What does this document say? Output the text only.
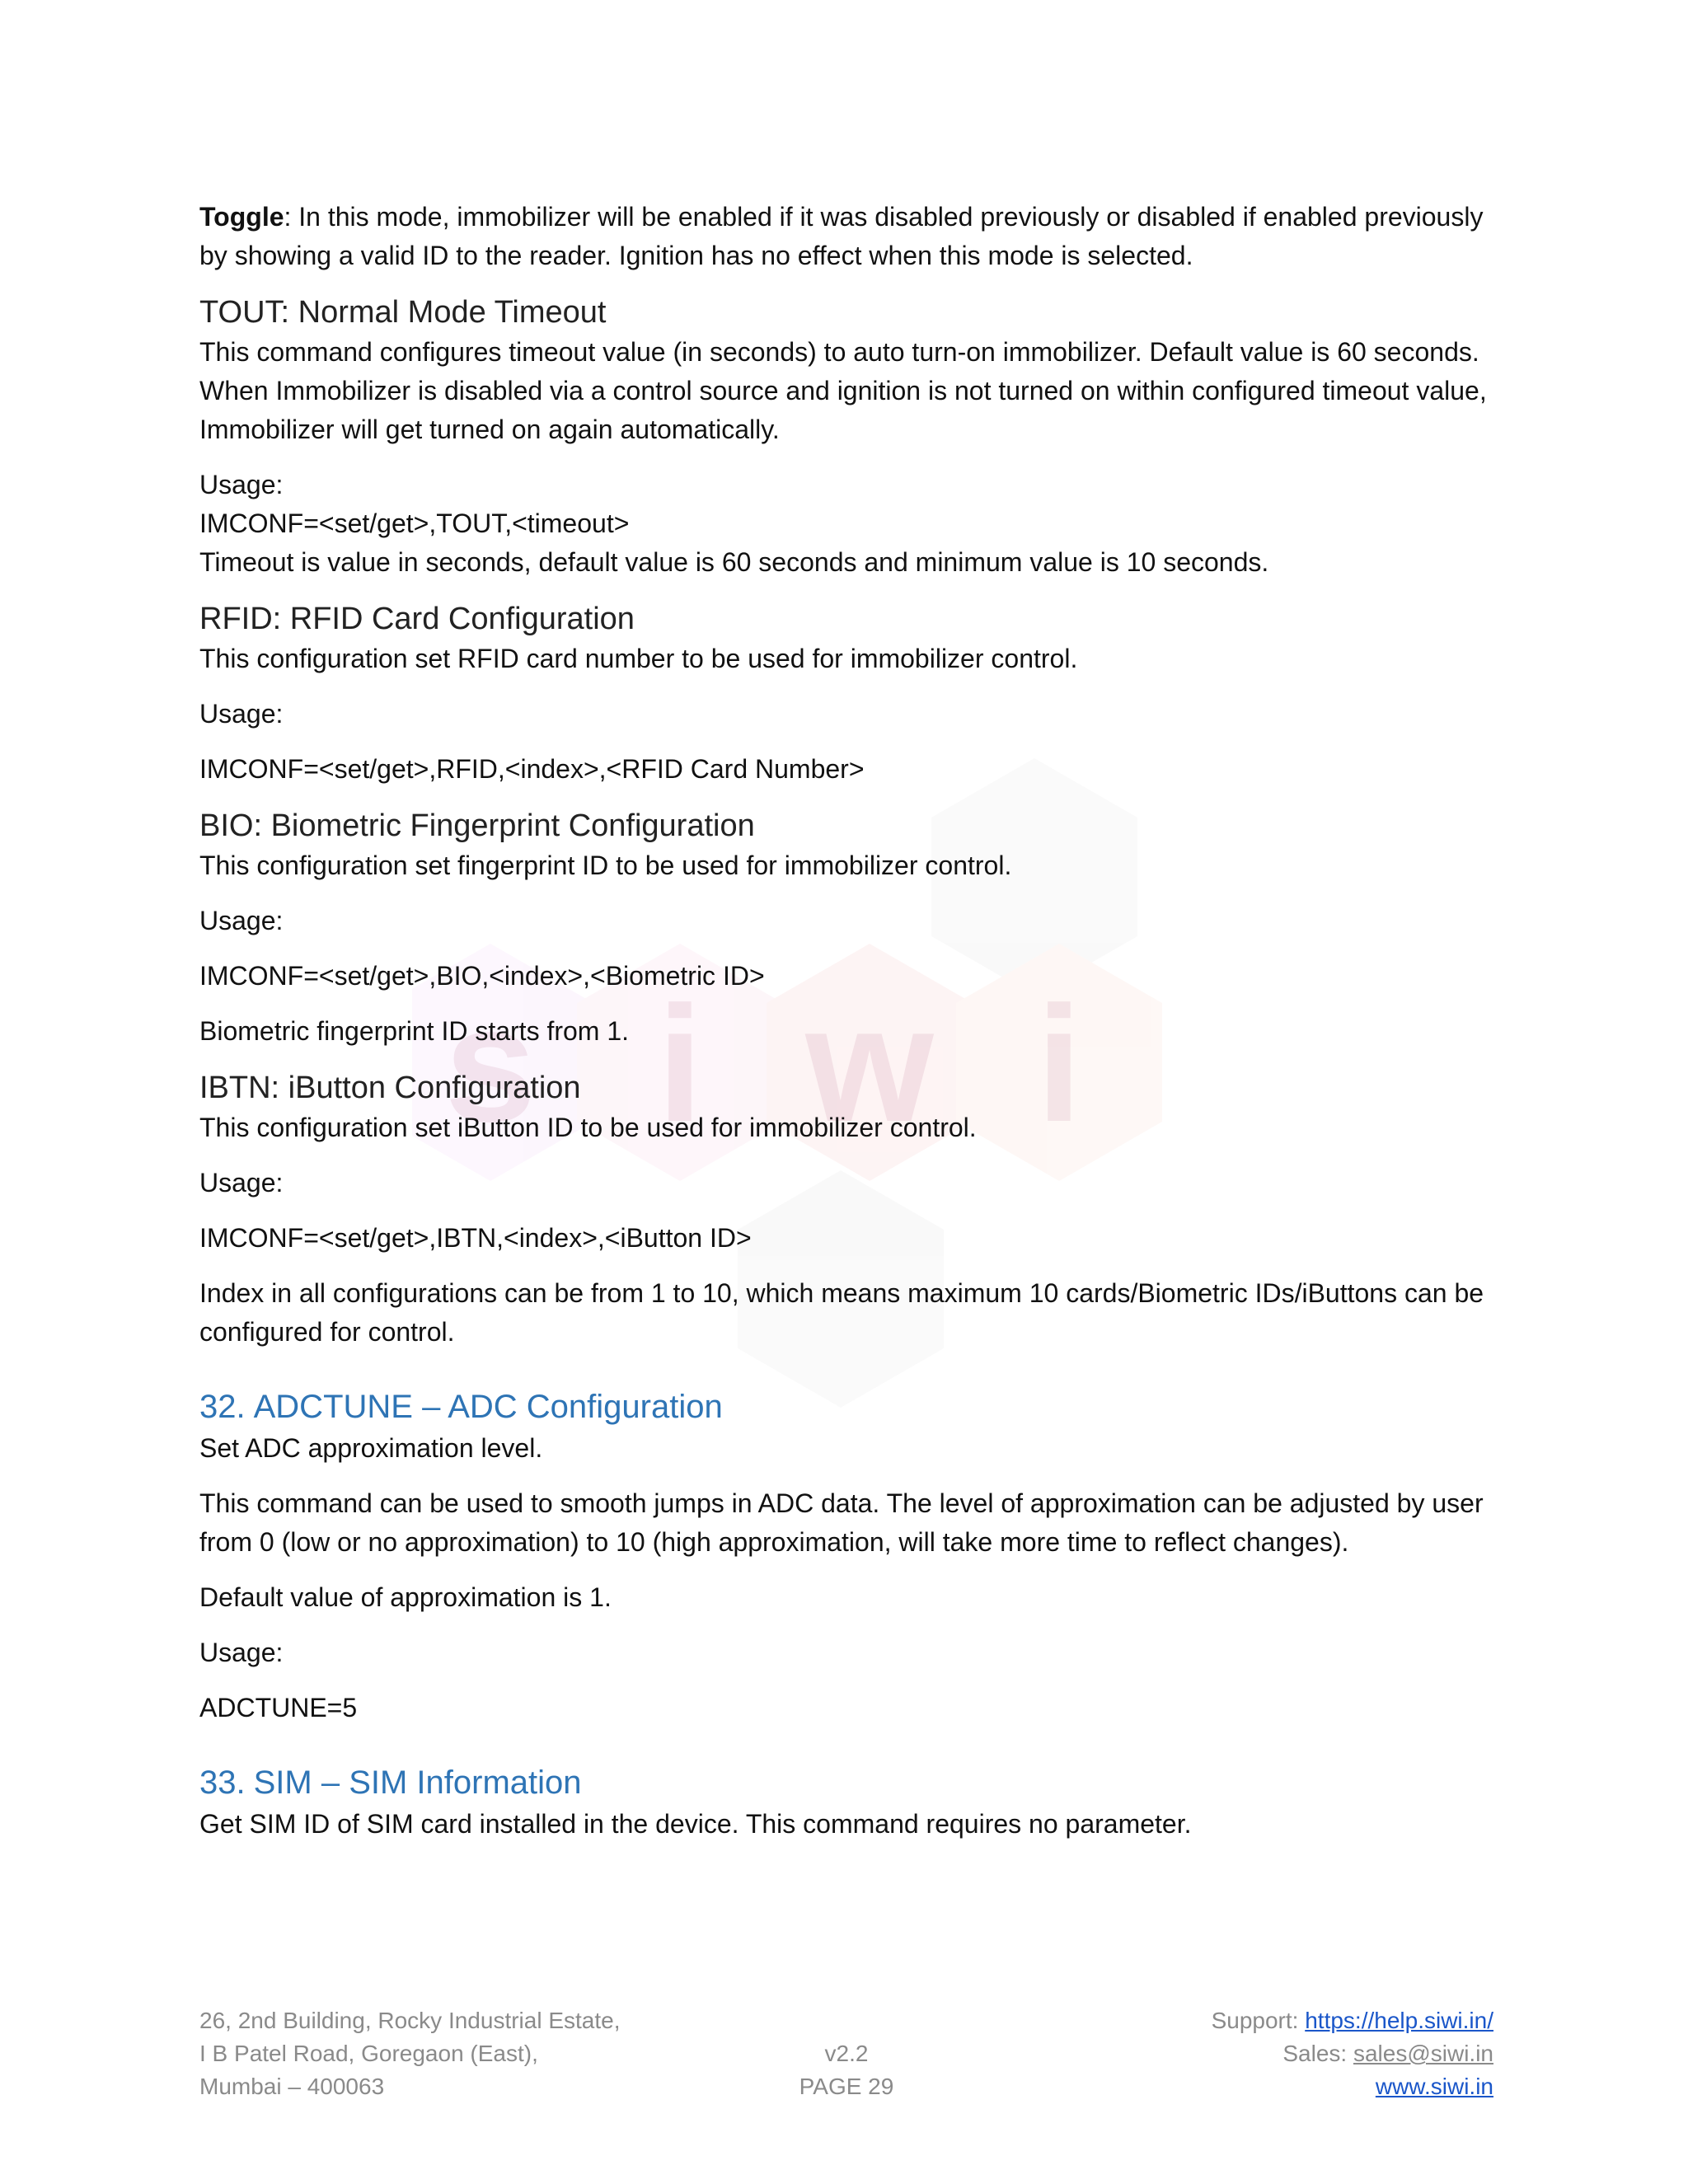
s i w i

Toggle: In this mode, immobilizer will be enabled if it was disabled previously or disabled if enabled previously by showing a valid ID to the reader. Ignition has no effect when this mode is selected.

TOUT: Normal Mode Timeout

This command configures timeout value (in seconds) to auto turn-on immobilizer. Default value is 60 seconds. When Immobilizer is disabled via a control source and ignition is not turned on within configured timeout value, Immobilizer will get turned on again automatically.

Usage:

IMCONF=<set/get>,TOUT,<timeout>

Timeout is value in seconds, default value is 60 seconds and minimum value is 10 seconds.

RFID: RFID Card Configuration

This configuration set RFID card number to be used for immobilizer control.

Usage:

IMCONF=<set/get>,RFID,<index>,<RFID Card Number>

BIO: Biometric Fingerprint Configuration

This configuration set fingerprint ID to be used for immobilizer control.

Usage:

IMCONF=<set/get>,BIO,<index>,<Biometric ID>

Biometric fingerprint ID starts from 1.

IBTN: iButton Configuration

This configuration set iButton ID to be used for immobilizer control.

Usage:

IMCONF=<set/get>,IBTN,<index>,<iButton ID>

Index in all configurations can be from 1 to 10, which means maximum 10 cards/Biometric IDs/iButtons can be configured for control.

32. ADCTUNE – ADC Configuration

Set ADC approximation level.

This command can be used to smooth jumps in ADC data. The level of approximation can be adjusted by user from 0 (low or no approximation) to 10 (high approximation, will take more time to reflect changes).

Default value of approximation is 1.

Usage:

ADCTUNE=5

33. SIM – SIM Information

Get SIM ID of SIM card installed in the device. This command requires no parameter.

26, 2nd Building, Rocky Industrial Estate,
I B Patel Road, Goregaon (East),
Mumbai – 400063
v2.2
PAGE 29
Support: https://help.siwi.in/
Sales: sales@siwi.in
www.siwi.in
